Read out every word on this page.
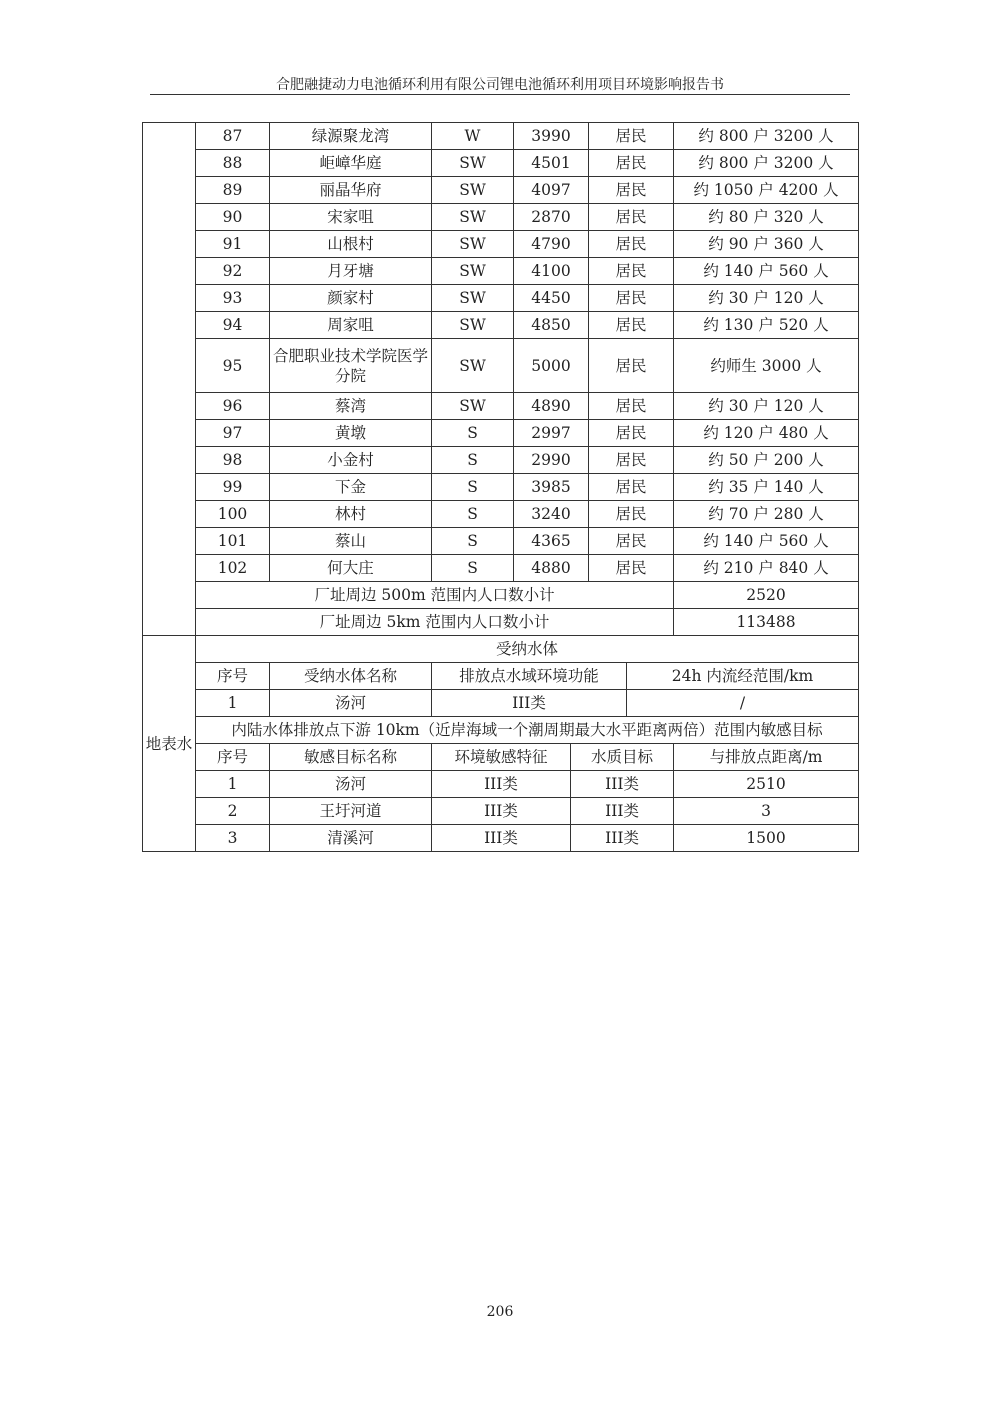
合肥融捷动力电池循环利用有限公司锂电池循环利用项目环境影响报告书
	87	绿源聚龙湾	W	3990		居民		约 800 户 3200 人
	88	岠嶂华庭	SW	4501		居民		约 800 户 3200 人
	89	丽晶华府	SW	4097		居民		约 1050 户 4200 人
	90	宋家咀	SW	2870		居民		约 80 户 320 人
	91	山根村	SW	4790		居民		约 90 户 360 人
	92	月牙塘	SW	4100		居民		约 140 户 560 人
	93	颜家村	SW	4450		居民		约 30 户 120 人
	94	周家咀	SW	4850		居民		约 130 户 520 人
	95	合肥职业技术学院医学分院	SW	5000		居民		约师生 3000 人
	96	蔡湾	SW	4890		居民		约 30 户 120 人
	97	黄墩	S	2997		居民		约 120 户 480 人
	98	小金村	S	2990		居民		约 50 户 200 人
	99	下金	S	3985		居民		约 35 户 140 人
	100	林村	S	3240		居民		约 70 户 280 人
	101	蔡山	S	4365		居民		约 140 户 560 人
	102	何大庄	S	4880		居民		约 210 户 840 人
	厂址周边 500m 范围内人口数小计							2520
	厂址周边 5km 范围内人口数小计							113488
地表水	受纳水体							
	序号	受纳水体名称	排放点水域环境功能				24h 内流经范围/km	
	1	汤河	III类				/	
	内陆水体排放点下游 10km（近岸海域一个潮周期最大水平距离两倍）范围内敏感目标							
	序号	敏感目标名称	环境敏感特征		水质目标			与排放点距离/m
	1	汤河	III类		III类			2510
	2	王圩河道	III类		III类			3
	3	清溪河	III类		III类			1500
206
